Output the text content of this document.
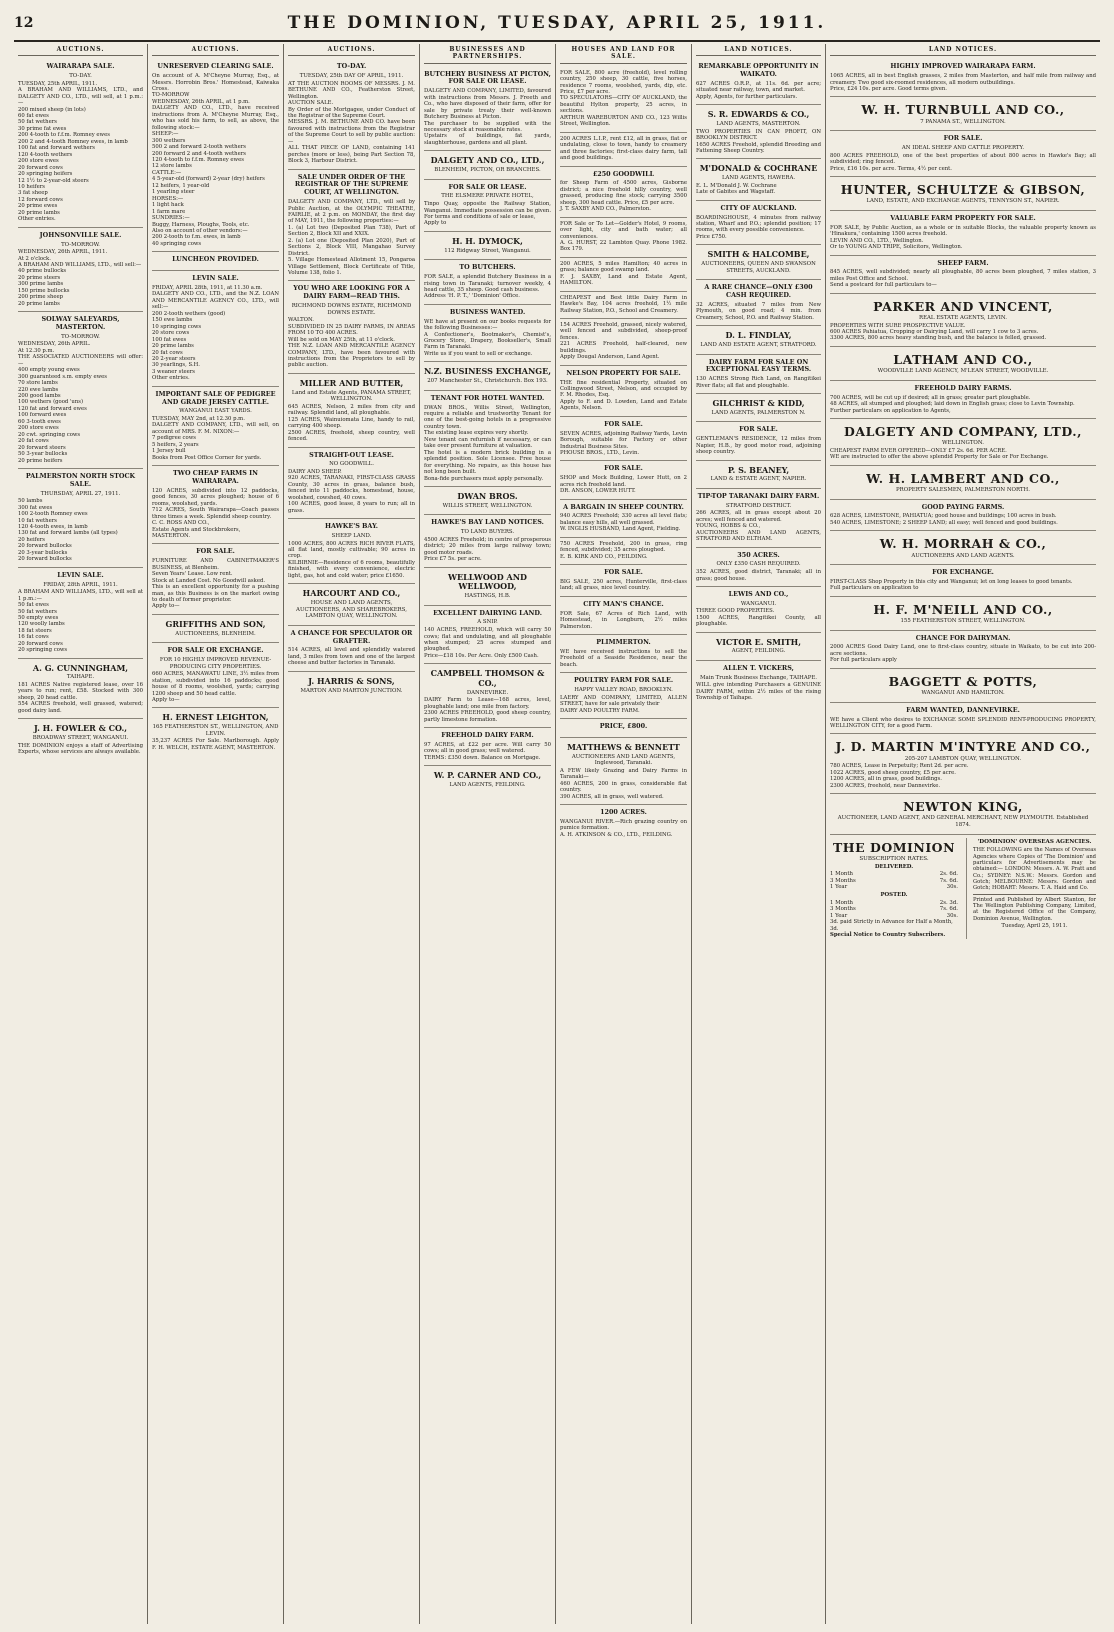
12	THE DOMINION, TUESDAY, APRIL 25, 1911.
AUCTIONS.
WAIRARAPA SALE.
TO-DAY.
TUESDAY, 25th APRIL, 1911.
A BRAHAM AND WILLIAMS, LTD., and DALGETY AND CO., LTD., will sell, at 1 p.m.:—
200 mixed sheep (in lots)
60 fat ewes
50 fat wethers
30 prime fat ewes
200 4-tooth to f.f.m. Romney ewes
200 2 and 4-tooth Romney ewes, in lamb
100 fat and forward wethers
120 4-tooth wethers
200 store ewes
20 forward cows
20 springing heifers
12 1½ to 2-year-old steers
10 heifers
3 fat sheep
12 forward cows
20 prime ewes
20 prime lambs
Other entries.
JOHNSONVILLE SALE.
TO-MORROW.
WEDNESDAY, 26th APRIL, 1911.
At 2 o'clock.
A BRAHAM AND WILLIAMS, LTD., will sell:—
40 prime bullocks
20 prime steers
300 prime lambs
150 prime bullocks
200 prime sheep
20 prime lambs
SOLWAY SALEYARDS, MASTERTON.
TO-MORROW.
WEDNESDAY, 26th APRIL.
At 12.30 p.m.
THE ASSOCIATED AUCTIONEERS will offer:—
400 empty young ewes
300 guaranteed s.m. empty ewes
70 store lambs
220 ewe lambs
200 good lambs
100 wethers (good 'uns)
120 fat and forward ewes
100 forward ewes
60 3-tooth ewes
200 store ewes
20 cwt. springing cows
20 fat cows
20 forward steers
50 3-year bullocks
20 prime heifers
PALMERSTON NORTH STOCK SALE.
THURSDAY, APRIL 27, 1911.
50 lambs
300 fat ewes
100 2-tooth Romney ewes
10 fat wethers
120 4-tooth ewes, in lamb
130 fat and forward lambs (all types)
20 heifers
20 forward bullocks
20 3-year bullocks
20 forward bullocks
LEVIN SALE.
FRIDAY, 28th APRIL, 1911.
A BRAHAM AND WILLIAMS, LTD., will sell at 1 p.m.:—
50 fat ewes
50 fat wethers
50 empty ewes
120 woolly lambs
18 fat steers
16 fat cows
20 forward cows
20 springing cows
A. G. CUNNINGHAM,
TAIHAPE.
181 ACRES Native registered lease, over 16 years to run; rent, £58. Stocked with 300 sheep, 20 head cattle.
554 ACRES freehold, well grassed, watered; good dairy land.
J. H. FOWLER & CO.,
BROADWAY STREET, WANGANUI.
THE DOMINION enjoys a staff of Advertising Experts, whose services are always available.
AUCTIONS.
UNRESERVED CLEARING SALE.
On account of A. M'Cheyne Murray, Esq., at Messrs. Horrobin Bros.' Homestead, Kaiwaka Cross.
TO-MORROW
WEDNESDAY, 26th APRIL, at 1 p.m.
DALGETY AND CO., LTD., have received instructions from A. M'Cheyne Murray, Esq., who has sold his farm, to sell, as above, the following stock:—
SHEEP:—
300 wethers
500 2 and forward 2-tooth wethers
200 forward 2 and 4-tooth wethers
120 4-tooth to f.f.m. Romney ewes
12 store lambs
CATTLE:—
4 5-year-old (forward) 2-year (dry) heifers
12 heifers, 1 year-old
1 yearling steer
HORSES:—
1 light hack
1 farm mare
SUNDRIES:—
Buggy, Harness, Ploughs, Tools, etc.
Also on account of other vendors:—
200 2-tooth to f.m. ewes, in lamb
40 springing cows
LUNCHEON PROVIDED.
LEVIN SALE.
FRIDAY, APRIL 28th, 1911, at 11.30 a.m.
DALGETY AND CO., LTD., and the N.Z. LOAN AND MERCANTILE AGENCY CO., LTD., will sell:—
200 2-tooth wethers (good)
150 ewe lambs
10 springing cows
20 store cows
100 fat ewes
20 prime lambs
20 fat cows
20 2-year steers
30 yearlings, S.H.
3 weaner steers
Other entries.
IMPORTANT SALE OF PEDIGREE AND GRADE JERSEY CATTLE.
WANGANUI EAST YARDS.
TUESDAY, MAY 2nd, at 12.30 p.m.
DALGETY AND COMPANY, LTD., will sell, on account of MRS. F. M. NIXON:—
7 pedigree cows
5 heifers, 2 years
1 Jersey bull
Books from Post Office Corner for yards.
TWO CHEAP FARMS IN WAIRARAPA.
120 ACRES, subdivided into 12 paddocks, good fences, 30 acres ploughed; house of 6 rooms, woolshed, yards.
712 ACRES, South Wairarapa—Coach passes three times a week. Splendid sheep country.
C. C. ROSS AND CO.,
Estate Agents and Stockbrokers,
MASTERTON.
FOR SALE.
FURNITURE AND CABINETMAKER'S BUSINESS, at Blenheim.
Seven Years' Lease. Low rent.
Stock at Landed Cost. No Goodwill asked.
This is an excellent opportunity for a pushing man, as this Business is on the market owing to death of former proprietor.
Apply to—
GRIFFITHS AND SON,
AUCTIONEERS, BLENHEIM.
FOR SALE OR EXCHANGE.
FOR 10 HIGHLY IMPROVED REVENUE-PRODUCING CITY PROPERTIES.
660 ACRES, MANAWATU LINE, 3½ miles from station, subdivided into 16 paddocks; good house of 8 rooms, woolshed, yards; carrying 1200 sheep and 50 head cattle.
Apply to—
H. ERNEST LEIGHTON,
165 FEATHERSTON ST., WELLINGTON, AND LEVIN.
35,237 ACRES For Sale. Marlborough. Apply F. H. WELCH, ESTATE AGENT, MASTERTON.
AUCTIONS.
TO-DAY.
TUESDAY, 25th DAY OF APRIL, 1911.
AT THE AUCTION ROOMS OF MESSRS. J. M. BETHUNE AND CO., Featherston Street, Wellington.
AUCTION SALE.
By Order of the Mortgagee, under Conduct of the Registrar of the Supreme Court.
MESSRS. J. M. BETHUNE AND CO. have been favoured with instructions from the Registrar of the Supreme Court to sell by public auction:—
ALL THAT PIECE OF LAND, containing 141 perches (more or less), being Part Section 78, Block 3, Harbour District.
SALE UNDER ORDER OF THE REGISTRAR OF THE SUPREME COURT, AT WELLINGTON.
DALGETY AND COMPANY, LTD., will sell by Public Auction, at the OLYMPIC THEATRE, FAIRLIE, at 2 p.m. on MONDAY, the first day of MAY, 1911, the following properties:—
1. (a) Lot two (Deposited Plan 738), Part of Section 2, Block XII and XXIX.
2. (a) Lot one (Deposited Plan 2020), Part of Sections 2, Block VIII, Mangahao Survey District.
5. Village Homestead Allotment 15, Pongaroa Village Settlement, Block Certificate of Title, Volume 138, folio 1.
YOU WHO ARE LOOKING FOR A DAIRY FARM—READ THIS.
RICHMOND DOWNS ESTATE, RICHMOND DOWNS ESTATE.
WALTON.
SUBDIVIDED IN 25 DAIRY FARMS, IN AREAS FROM 10 TO 400 ACRES.
Will be sold on MAY 25th, at 11 o'clock.
THE N.Z. LOAN AND MERCANTILE AGENCY COMPANY, LTD., have been favoured with instructions from the Proprietors to sell by public auction.
MILLER AND BUTTER,
Land and Estate Agents, PANAMA STREET, WELLINGTON.
645 ACRES, Nelson, 2 miles from city and railway. Splendid land, all ploughable.
125 ACRES, Wainuiomata Line, handy to rail, carrying 400 sheep.
2500 ACRES, freehold, sheep country, well fenced.
STRAIGHT-OUT LEASE.
NO GOODWILL.
DAIRY AND SHEEP.
920 ACRES, TARANAKI, FIRST-CLASS GRASS County, 30 acres in grass, balance bush, fenced into 11 paddocks, homestead, house, woolshed, cowshed, 40 cows.
100 ACRES, good lease, 8 years to run; all in grass.
HAWKE'S BAY.
SHEEP LAND.
1000 ACRES, 800 ACRES RICH RIVER FLATS, all flat land, mostly cultivable; 90 acres in crop.
KILBIRNIE—Residence of 6 rooms, beautifully finished, with every convenience, electric light, gas, hot and cold water; price £1650.
HARCOURT AND CO.,
HOUSE AND LAND AGENTS, AUCTIONEERS, AND SHAREBROKERS, LAMBTON QUAY, WELLINGTON.
A CHANCE FOR SPECULATOR OR GRAFTER.
514 ACRES, all level and splendidly watered land, 3 miles from town and one of the largest cheese and butter factories in Taranaki.
J. HARRIS & SONS,
MARTON AND MARTON JUNCTION.
BUSINESSES AND PARTNERSHIPS.
BUTCHERY BUSINESS AT PICTON, FOR SALE OR LEASE.
DALGETY AND COMPANY, LIMITED, favoured with instructions from Messrs. J. Freeth and Co., who have disposed of their farm, offer for sale by private treaty their well-known Butchery Business at Picton.
The purchaser to be supplied with the necessary stock at reasonable rates.
Upstairs of buildings, fat yards, slaughterhouse, gardens and all plant.
DALGETY AND CO., LTD.,
BLENHEIM, PICTON, OR BRANCHES.
FOR SALE OR LEASE.
THE ELSMERE PRIVATE HOTEL,
Tinpo Quay, opposite the Railway Station, Wanganui. Immediate possession can be given. For terms and conditions of sale or lease,
Apply to
H. H. DYMOCK,
112 Ridgway Street, Wanganui.
TO BUTCHERS.
FOR SALE, a splendid Butchery Business in a rising town in Taranaki; turnover weekly, 4 head cattle, 35 sheep. Good cash business.
Address 'H. P. T.,' 'Dominion' Office.
BUSINESS WANTED.
WE have at present on our books requests for the following Businesses:—
A Confectioner's, Bootmaker's, Chemist's, Grocery Store, Drapery, Bookseller's, Small Farm in Taranaki.
Write us if you want to sell or exchange.
N.Z. BUSINESS EXCHANGE,
207 Manchester St., Christchurch. Box 193.
TENANT FOR HOTEL WANTED.
DWAN BROS., Willis Street, Wellington, require a reliable and trustworthy Tenant for one of the best-going hotels in a progressive country town.
The existing lease expires very shortly.
New tenant can refurnish if necessary, or can take over present furniture at valuation.
The hotel is a modern brick building in a splendid position. Sole Licensee. Free house for everything. No repairs, as this house has not long been built.
Bona-fide purchasers must apply personally.
DWAN BROS.
WILLIS STREET, WELLINGTON.
HAWKE'S BAY LAND NOTICES.
TO LAND BUYERS.
4500 ACRES Freehold; in centre of prosperous district; 20 miles from large railway town; good motor roads.
Price £7 5s. per acre.
WELLWOOD AND WELLWOOD,
HASTINGS, H.B.
EXCELLENT DAIRYING LAND.
A SNIP.
140 ACRES, FREEHOLD, which will carry 50 cows; flat and undulating, and all ploughable when stumped; 25 acres stumped and ploughed.
Price—£18 10s. Per Acre. Only £500 Cash.
CAMPBELL THOMSON & CO.,
DANNEVIRKE.
DAIRY Farm to Lease—168 acres, level, ploughable land; one mile from factory.
2300 ACRES FREEHOLD, good sheep country, partly limestone formation.
FREEHOLD DAIRY FARM.
97 ACRES, at £22 per acre. Will carry 50 cows; all in good grass; well watered.
TERMS: £350 down. Balance on Mortgage.
W. P. CARNER AND CO.,
LAND AGENTS, FEILDING.
HOUSES AND LAND FOR SALE.
FOR SALE, 800 acre (freehold), level rolling country, 250 sheep, 30 cattle, five horses, residence 7 rooms, woolshed, yards, dip, etc. Price, £7 per acre.
TO SPECULATORS—CITY OF AUCKLAND, the beautiful Hylton property, 25 acres, in sections.
ARTHUR WAREBURTON AND CO., 123 Willis Street, Wellington.
200 ACRES L.I.P., rent £12, all in grass, flat or undulating, close to town, handy to creamery and three factories; first-class dairy farm, tall and good buildings.
£250 GOODWILL
for Sheep Farm of 4500 acres, Gisborne district; a nice freehold hilly country, well grassed, producing fine stock; carrying 3500 sheep, 300 head cattle. Price, £5 per acre.
J. T. SAXBY AND CO., Palmerston.
FOR Sale or To Let—Golder's Hotel, 9 rooms, over light, city and bath water; all conveniences.
A. G. HURST, 22 Lambton Quay. Phone 1982. Box 179.
200 ACRES, 5 miles Hamilton; 40 acres in grass; balance good swamp land.
F. J. SAXBY, Land and Estate Agent, HAMILTON.
CHEAPEST and Best little Dairy Farm in Hawke's Bay, 104 acres freehold, 1½ mile Railway Station, P.O., School and Creamery.
154 ACRES Freehold, grassed, nicely watered, well fenced and subdivided, sheep-proof fences.
221 ACRES Freehold, half-cleared, new buildings.
Apply Dougal Anderson, Land Agent.
NELSON PROPERTY FOR SALE.
THE fine residential Property, situated on Collingwood Street, Nelson, and occupied by F. M. Rhodes, Esq.
Apply to F. and D. Lowden, Land and Estate Agents, Nelson.
FOR SALE.
SEVEN ACRES, adjoining Railway Yards, Levin Borough, suitable for Factory or other Industrial Business Sites.
PHOUSE BROS., LTD., Levin.
FOR SALE.
SHOP and Mock Building, Lower Hutt, on 2 acres rich freehold land.
DR. ANSON, LOWER HUTT.
A BARGAIN IN SHEEP COUNTRY.
940 ACRES Freehold; 330 acres all level flats; balance easy hills, all well grassed.
W. INGLIS HUSBAND, Land Agent, Fielding.
750 ACRES Freehold, 200 in grass, ring fenced, subdivided; 35 acres ploughed.
E. B. KIRK AND CO., FEILDING.
FOR SALE.
BIG SALE, 250 acres, Hunterville, first-class land; all grass, nice level country.
CITY MAN'S CHANCE.
FOR Sale, 67 Acres of Rich Land, with Homestead, in Longburn, 2½ miles Palmerston.
PLIMMERTON.
WE have received instructions to sell the Freehold of a Seaside Residence, near the beach.
POULTRY FARM FOR SALE.
HAPPY VALLEY ROAD, BROOKLYN.
LAERY AND COMPANY, LIMITED, ALLEN STREET, have for sale privately their
DAIRY AND POULTRY FARM.
PRICE, £800.
MATTHEWS & BENNETT
AUCTIONEERS AND LAND AGENTS, Inglewood, Taranaki.
A FEW likely Grazing and Dairy Farms in Taranaki—
460 ACRES, 200 in grass, considerable flat country.
390 ACRES, all in grass, well watered.
1200 ACRES.
WANGANUI RIVER.—Rich grazing country on pumice formation.
A. H. ATKINSON & CO., LTD., FEILDING.
LAND NOTICES.
REMARKABLE OPPORTUNITY IN WAIKATO.
627 ACRES O.R.P., at 11s. 6d. per acre; situated near railway, town, and market.
Apply, Agents, for further particulars.
S. R. EDWARDS & CO.,
LAND AGENTS, MASTERTON.
TWO PROPERTIES IN CAN PROFIT, ON BROOKLYN DISTRICT.
1650 ACRES Freehold, splendid Breeding and Fattening Sheep Country.
M'DONALD & COCHRANE
LAND AGENTS, HAWERA.
E. L. M'Donald J. W. Cochrane
Late of Gabites and Wagstaff.
CITY OF AUCKLAND.
BOARDINGHOUSE, 4 minutes from railway station, Wharf and P.O.; splendid position; 17 rooms, with every possible convenience.
Price £750.
SMITH & HALCOMBE,
AUCTIONEERS, QUEEN AND SWANSON STREETS, AUCKLAND.
A RARE CHANCE—ONLY £300 CASH REQUIRED.
32 ACRES, situated 7 miles from New Plymouth, on good road; 4 min. from Creamery, School, P.O. and Railway Station.
D. L. FINDLAY,
LAND AND ESTATE AGENT, STRATFORD.
DAIRY FARM FOR SALE ON EXCEPTIONAL EASY TERMS.
130 ACRES Strong Rich Land, on Rangitikei River flats; all flat and ploughable.
GILCHRIST & KIDD,
LAND AGENTS, PALMERSTON N.
FOR SALE.
GENTLEMAN'S RESIDENCE, 12 miles from Napier, H.B., by good motor road, adjoining sheep country.
P. S. BEANEY,
LAND & ESTATE AGENT, NAPIER.
TIP-TOP TARANAKI DAIRY FARM.
STRATFORD DISTRICT.
266 ACRES, all in grass except about 20 acres; well fenced and watered.
YOUNG, HOBBS & CO.,
AUCTIONEERS AND LAND AGENTS, STRATFORD AND ELTHAM.
350 ACRES.
ONLY £350 CASH REQUIRED.
352 ACRES, good district, Taranaki; all in grass; good house.
LEWIS AND CO.,
WANGANUI.
THREE GOOD PROPERTIES.
1500 ACRES, Rangitikei County, all ploughable.
VICTOR E. SMITH,
AGENT, FEILDING.
ALLEN T. VICKERS,
Main Trunk Business Exchange, TAIHAPE.
WILL give intending Purchasers a GENUINE DAIRY FARM, within 2½ miles of the rising Township of Taihape.
LAND NOTICES.
HIGHLY IMPROVED WAIRARAPA FARM.
1065 ACRES, all in best English grasses, 2 miles from Masterton, and half mile from railway and creamery. Two good six-roomed residences, all modern outbuildings.
Price, £24 10s. per acre. Good terms given.
W. H. TURNBULL AND CO.,
7 PANAMA ST., WELLINGTON.
FOR SALE.
AN IDEAL SHEEP AND CATTLE PROPERTY.
800 ACRES FREEHOLD, one of the best properties of about 800 acres in Hawke's Bay; all subdivided; ring fenced.
Price, £16 10s. per acre. Terms, 4½ per cent.
HUNTER, SCHULTZE & GIBSON,
LAND, ESTATE, AND EXCHANGE AGENTS, TENNYSON ST., NAPIER.
VALUABLE FARM PROPERTY FOR SALE.
FOR SALE, by Public Auction, as a whole or in suitable Blocks, the valuable property known as 'Hinakura,' containing 1500 acres freehold.
LEVIN AND CO., LTD., Wellington.
Or to YOUNG AND TRIPE, Solicitors, Wellington.
SHEEP FARM.
845 ACRES, well subdivided; nearly all ploughable, 80 acres been ploughed, 7 miles station, 3 miles Post Office and School.
Send a postcard for full particulars to—
PARKER AND VINCENT,
REAL ESTATE AGENTS, LEVIN.
PROPERTIES WITH SURE PROSPECTIVE VALUE.
600 ACRES Pahiatua, Cropping or Dairying Land, will carry 1 cow to 3 acres.
3300 ACRES, 800 acres heavy standing bush, and the balance is felled, grassed.
LATHAM AND CO.,
WOODVILLE LAND AGENCY, M'LEAN STREET, WOODVILLE.
FREEHOLD DAIRY FARMS.
700 ACRES, will be cut up if desired; all in grass; greater part ploughable.
48 ACRES, all stumped and ploughed; laid down in English grass; close to Levin Township.
Further particulars on application to Agents,
DALGETY AND COMPANY, LTD.,
WELLINGTON.
CHEAPEST FARM EVER OFFERED—ONLY £7 2s. 6d. PER ACRE.
WE are instructed to offer the above splendid Property for Sale or For Exchange.
W. H. LAMBERT AND CO.,
PROPERTY SALESMEN, PALMERSTON NORTH.
GOOD PAYING FARMS.
628 ACRES, LIMESTONE, PAHIATUA; good house and buildings; 100 acres in bush.
540 ACRES, LIMESTONE; 2 SHEEP LAND; all easy; well fenced and good buildings.
W. H. MORRAH & CO.,
AUCTIONEERS AND LAND AGENTS.
FOR EXCHANGE.
FIRST-CLASS Shop Property in this city and Wanganui; let on long leases to good tenants.
Full particulars on application to
H. F. M'NEILL AND CO.,
155 FEATHERSTON STREET, WELLINGTON.
CHANCE FOR DAIRYMAN.
2000 ACRES Good Dairy Land, one to first-class country, situate in Waikato, to be cut into 200-acre sections.
For full particulars apply
BAGGETT & POTTS,
WANGANUI AND HAMILTON.
FARM WANTED, DANNEVIRKE.
WE have a Client who desires to EXCHANGE SOME SPLENDID RENT-PRODUCING PROPERTY, WELLINGTON CITY, for a good Farm.
J. D. MARTIN M'INTYRE AND CO.,
205-207 LAMBTON QUAY, WELLINGTON.
780 ACRES, Lease in Perpetuity; Rent 2d. per acre.
1022 ACRES, good sheep country, £5 per acre.
1200 ACRES, all in grass, good buildings.
2300 ACRES, freehold, near Dannevirke.
NEWTON KING,
AUCTIONEER, LAND AGENT, AND GENERAL MERCHANT, NEW PLYMOUTH. Established 1874.
THE DOMINION
SUBSCRIPTION RATES.
DELIVERED.
1 Month	2s. 6d.
3 Months	7s. 6d.
1 Year	30s.
POSTED.
1 Month	2s. 3d.
3 Months	7s. 6d.
1 Year	30s.
3d. paid Strictly in Advance for Half a Month, 3d.
Special Notice to Country Subscribers.
'DOMINION' OVERSEAS AGENCIES.
THE FOLLOWING are the Names of Overseas Agencies where Copies of 'The Dominion' and particulars for Advertisements may be obtained:— LONDON: Messrs. A. W. Pratt and Co.; SYDNEY: N.S.W.: Messrs. Gordon and Gotch; MELBOURNE: Messrs. Gordon and Gotch; HOBART: Messrs. T. A. Haid and Co.
Printed and Published by Albert Stanton, for The Wellington Publishing Company, Limited, at the Registered Office of the Company, Dominion Avenue, Wellington.
Tuesday, April 25, 1911.
